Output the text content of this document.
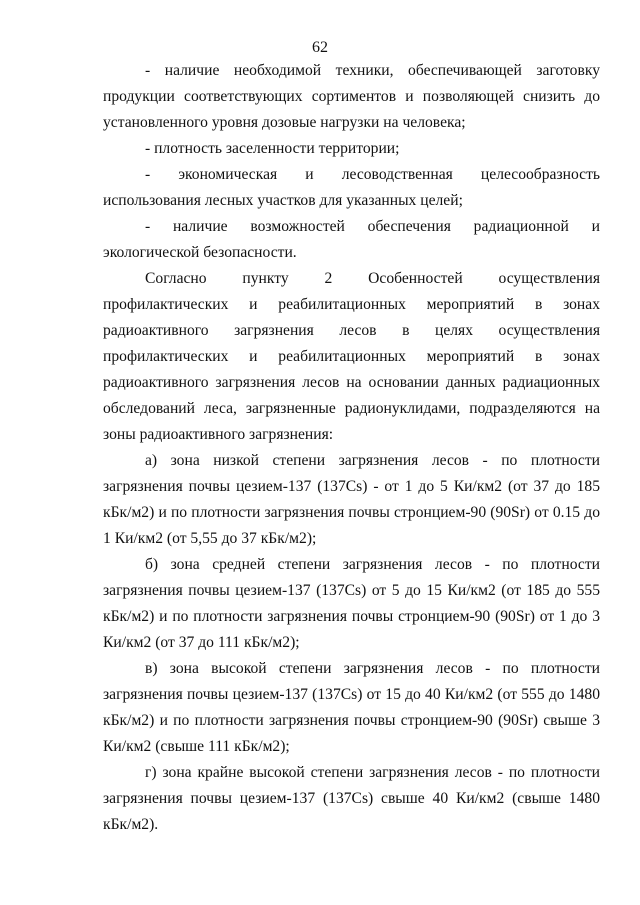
62

- наличие необходимой техники, обеспечивающей заготовку продукции соответствующих сортиментов и позволяющей снизить до установленного уровня дозовые нагрузки на человека;

- плотность заселенности территории;

- экономическая и лесоводственная целесообразность использования лесных участков для указанных целей;

- наличие возможностей обеспечения радиационной и экологической безопасности.

Согласно пункту 2 Особенностей осуществления профилактических и реабилитационных мероприятий в зонах радиоактивного загрязнения лесов в целях осуществления профилактических и реабилитационных мероприятий в зонах радиоактивного загрязнения лесов на основании данных радиационных обследований леса, загрязненные радионуклидами, подразделяются на зоны радиоактивного загрязнения:

а) зона низкой степени загрязнения лесов - по плотности загрязнения почвы цезием-137 (137Cs) - от 1 до 5 Ки/км2 (от 37 до 185 кБк/м2) и по плотности загрязнения почвы стронцием-90 (90Sr) от 0.15 до 1 Ки/км2 (от 5,55 до 37 кБк/м2);

б) зона средней степени загрязнения лесов - по плотности загрязнения почвы цезием-137 (137Cs) от 5 до 15 Ки/км2 (от 185 до 555 кБк/м2) и по плотности загрязнения почвы стронцием-90 (90Sr) от 1 до 3 Ки/км2 (от 37 до 111 кБк/м2);

в) зона высокой степени загрязнения лесов - по плотности загрязнения почвы цезием-137 (137Cs) от 15 до 40 Ки/км2 (от 555 до 1480 кБк/м2) и по плотности загрязнения почвы стронцием-90 (90Sr) свыше 3 Ки/км2 (свыше 111 кБк/м2);

г) зона крайне высокой степени загрязнения лесов - по плотности загрязнения почвы цезием-137 (137Cs) свыше 40 Ки/км2 (свыше 1480 кБк/м2).
